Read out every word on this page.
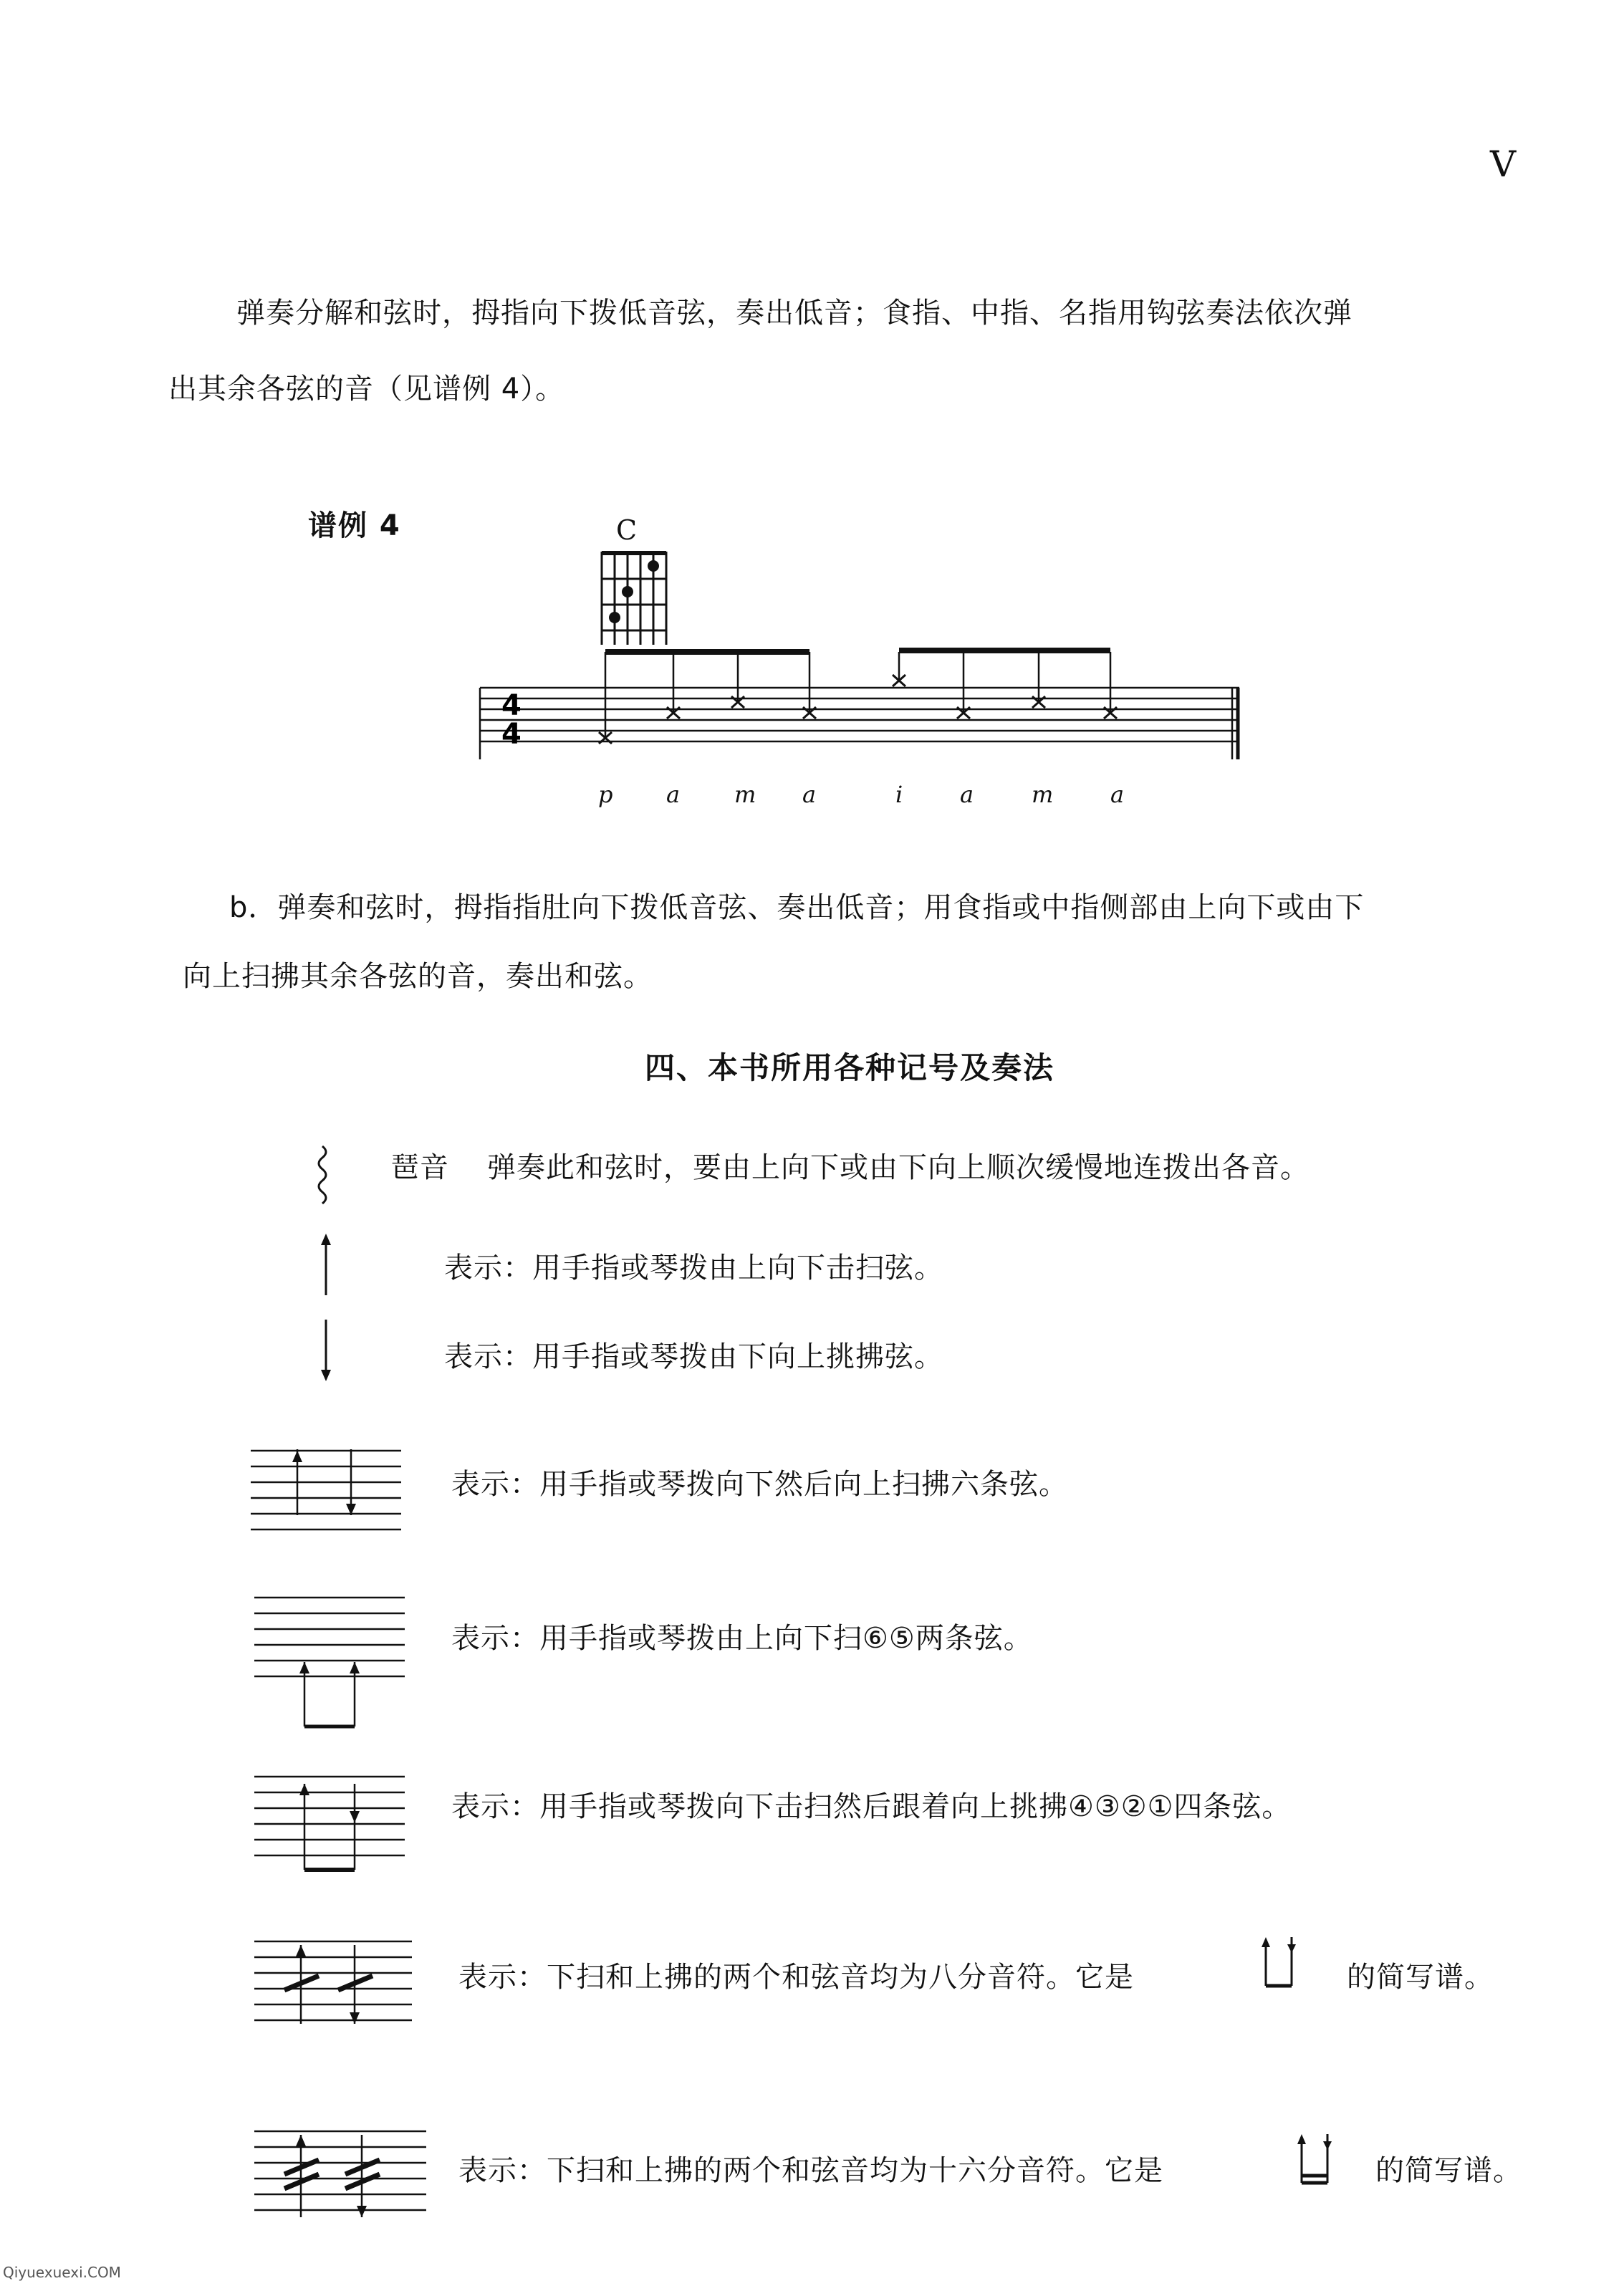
V
弹奏分解和弦时，拇指向下拨低音弦，奏出低音；食指、中指、名指用钩弦奏法依次弹
出其余各弦的音（见谱例 4）。
谱例 4	C
4
4
p a m a	i a	m a
b．弹奏和弦时，拇指指肚向下拨低音弦、奏出低音；用食指或中指侧部由上向下或由下
向上扫拂其余各弦的音，奏出和弦。
四、本书所用各种记号及奏法
琶音 弹奏此和弦时，要由上向下或由下向上顺次缓慢地连拨出各音。
表示：用手指或琴拨由上向下击扫弦。
表示：用手指或琴拨由下向上挑拂弦。
表示：用手指或琴拨向下然后向上扫拂六条弦。
表示：用手指或琴拨由上向下扫⑥⑤两条弦。
表示：用手指或琴拨向下击扫然后跟着向上挑拂④③②①四条弦。
表示：下扫和上拂的两个和弦音均为八分音符。它是	的简写谱。
表示：下扫和上拂的两个和弦音均为十六分音符。它是	的简写谱。
Qiyuexuexi.COM
